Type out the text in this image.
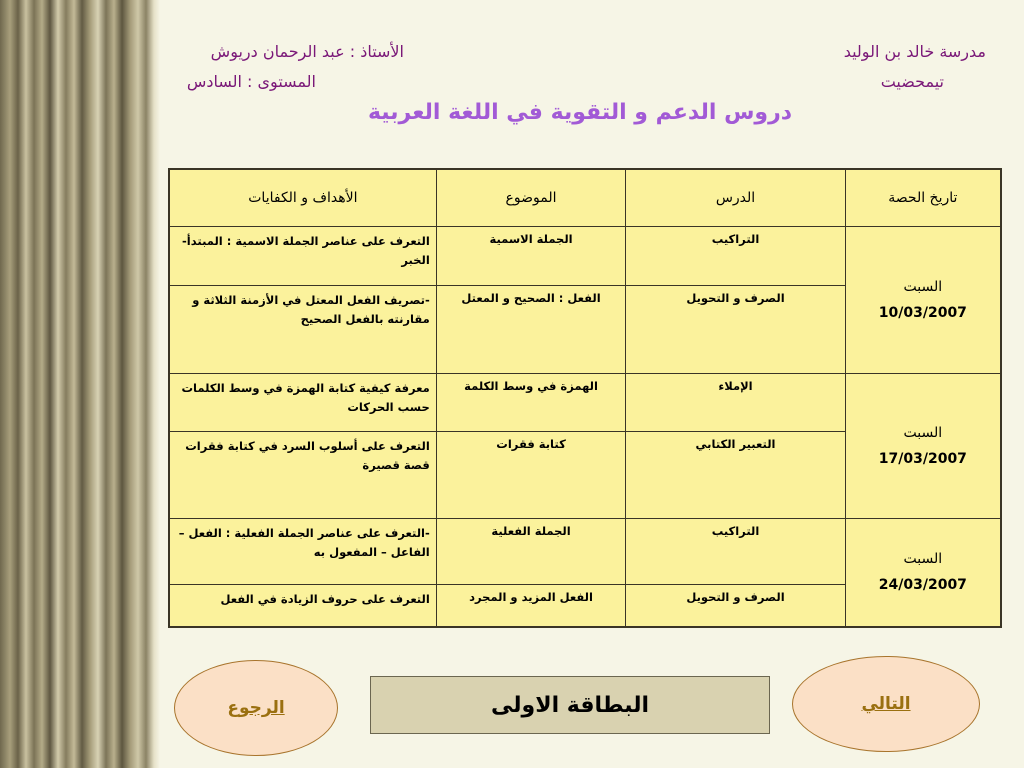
مدرسة خالد بن الوليد
تيمحضيت
الأستاذ : عبد الرحمان دريوش
المستوى : السادس
دروس الدعم و التقوية في اللغة العربية
تاريخ الحصة	الدرس	الموضوع	الأهداف و الكفايات

السبت
10/03/2007	التراكيب	الجملة الاسمية	التعرف على عناصر الجملة الاسمية : المبتدأ-الخبر
	الصرف و التحويل	الفعل : الصحيح و المعتل	-تصريف الفعل المعتل في الأزمنة الثلاثة و مقارنته بالفعل الصحيح

السبت
17/03/2007	الإملاء	الهمزة في وسط الكلمة	معرفة كيفية كتابة الهمزة في وسط الكلمات حسب الحركات
	التعبير الكتابي	كتابة فقرات	التعرف على أسلوب السرد في كتابة فقرات قصة قصيرة

السبت
24/03/2007	التراكيب	الجملة الفعلية	-التعرف على عناصر الجملة الفعلية : الفعل – الفاعل – المفعول به
	الصرف و التحويل	الفعل المزيد و المجرد	التعرف على حروف الزيادة في الفعل
الرجوع	البطاقة الاولى	التالي
